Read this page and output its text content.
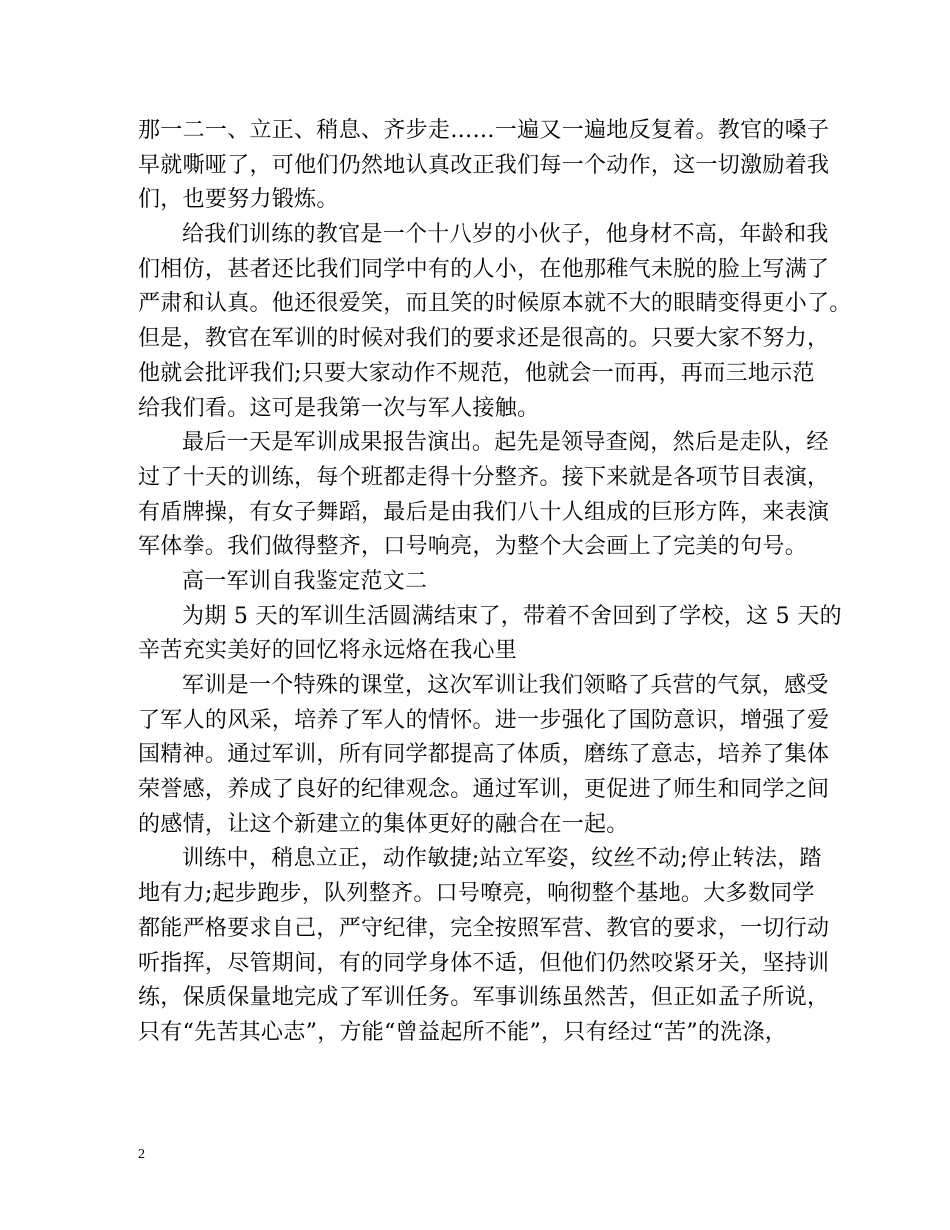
那一二一、立正、稍息、齐步走……一遍又一遍地反复着。教官的嗓子
早就嘶哑了，可他们仍然地认真改正我们每一个动作，这一切激励着我
们，也要努力锻炼。
给我们训练的教官是一个十八岁的小伙子，他身材不高，年龄和我
们相仿，甚者还比我们同学中有的人小，在他那稚气未脱的脸上写满了
严肃和认真。他还很爱笑，而且笑的时候原本就不大的眼睛变得更小了。
但是，教官在军训的时候对我们的要求还是很高的。只要大家不努力，
他就会批评我们;只要大家动作不规范，他就会一而再，再而三地示范
给我们看。这可是我第一次与军人接触。
最后一天是军训成果报告演出。起先是领导查阅，然后是走队，经
过了十天的训练，每个班都走得十分整齐。接下来就是各项节目表演，
有盾牌操，有女子舞蹈，最后是由我们八十人组成的巨形方阵，来表演
军体拳。我们做得整齐，口号响亮，为整个大会画上了完美的句号。
高一军训自我鉴定范文二
为期 5 天的军训生活圆满结束了，带着不舍回到了学校，这 5 天的
辛苦充实美好的回忆将永远烙在我心里
军训是一个特殊的课堂，这次军训让我们领略了兵营的气氛，感受
了军人的风采，培养了军人的情怀。进一步强化了国防意识，增强了爱
国精神。通过军训，所有同学都提高了体质，磨练了意志，培养了集体
荣誉感，养成了良好的纪律观念。通过军训，更促进了师生和同学之间
的感情，让这个新建立的集体更好的融合在一起。
训练中，稍息立正，动作敏捷;站立军姿，纹丝不动;停止转法，踏
地有力;起步跑步，队列整齐。口号嘹亮，响彻整个基地。大多数同学
都能严格要求自己，严守纪律，完全按照军营、教官的要求，一切行动
听指挥，尽管期间，有的同学身体不适，但他们仍然咬紧牙关，坚持训
练，保质保量地完成了军训任务。军事训练虽然苦，但正如孟子所说，
只有“先苦其心志”，方能“曾益起所不能”，只有经过“苦”的洗涤，
2
